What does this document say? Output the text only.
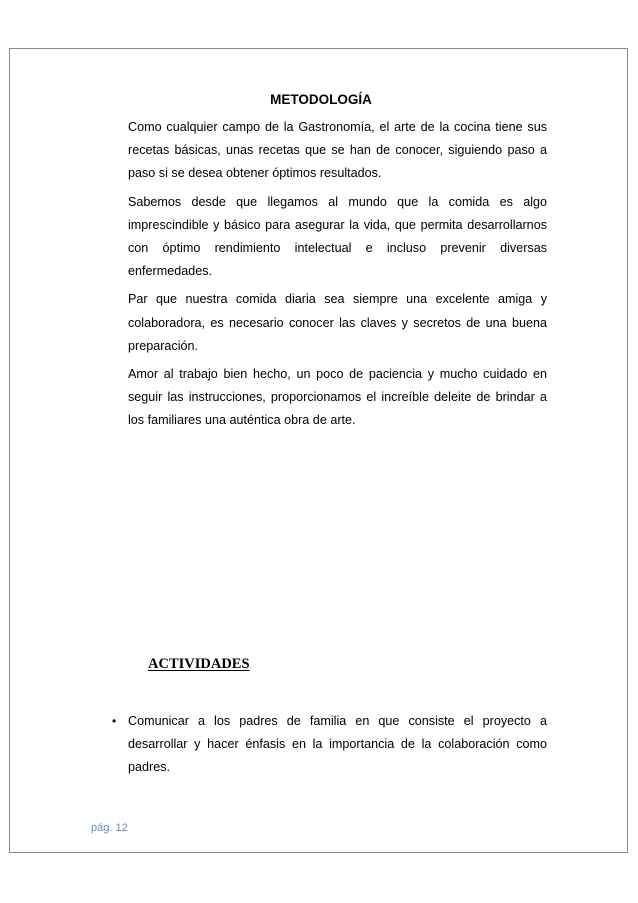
METODOLOGÍA

Como cualquier campo de la Gastronomía, el arte de la cocina tiene sus recetas básicas, unas recetas que se han de conocer, siguiendo paso a paso si se desea obtener óptimos resultados.

Sabemos desde que llegamos al mundo que la comida es algo imprescindible y básico para asegurar la vida, que permita desarrollarnos con óptimo rendimiento intelectual e incluso prevenir diversas enfermedades.

Par que nuestra comida diaria sea siempre una excelente amiga y colaboradora, es necesario conocer las claves y secretos de una buena preparación.

Amor al trabajo bien hecho, un poco de paciencia y mucho cuidado en seguir las instrucciones, proporcionamos el increíble deleite de brindar a los familiares una auténtica obra de arte.

ACTIVIDADES
• Comunicar a los padres de familia en que consiste el proyecto a desarrollar y hacer énfasis en la importancia de la colaboración como padres.
pág. 12
